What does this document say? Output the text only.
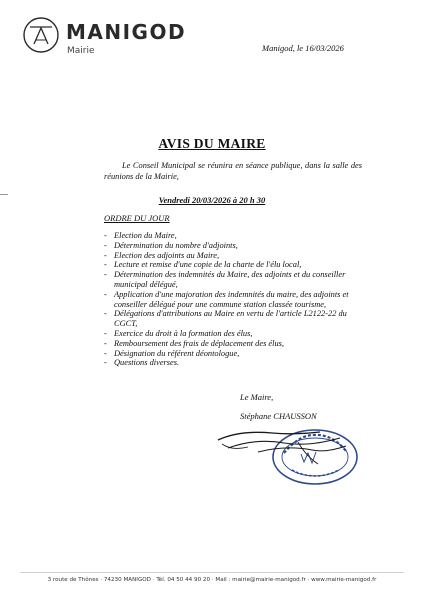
MANIGOD
Mairie	Manigod, le 16/03/2026
AVIS DU MAIRE
Le Conseil Municipal se réunira en séance publique, dans la salle des réunions de la Mairie,
Vendredi 20/03/2026 à 20 h 30
ORDRE DU JOUR
- Election du Maire,
- Détermination du nombre d'adjoints,
- Election des adjoints au Maire,
- Lecture et remise d'une copie de la charte de l'élu local,
- Détermination des indemnités du Maire, des adjoints et du conseiller municipal délégué,
- Application d'une majoration des indemnités du maire, des adjoints et conseiller délégué pour une commune station classée tourisme,
- Délégations d'attributions au Maire en vertu de l'article L2122-22 du CGCT,
- Exercice du droit à la formation des élus,
- Remboursement des frais de déplacement des élus,
- Désignation du référent déontologue,
- Questions diverses.
Le Maire,
Stéphane CHAUSSON
3 route de Thônes · 74230 MANIGOD · Tél. 04 50 44 90 20 · Mail : mairie@mairie-manigod.fr · www.mairie-manigod.fr
